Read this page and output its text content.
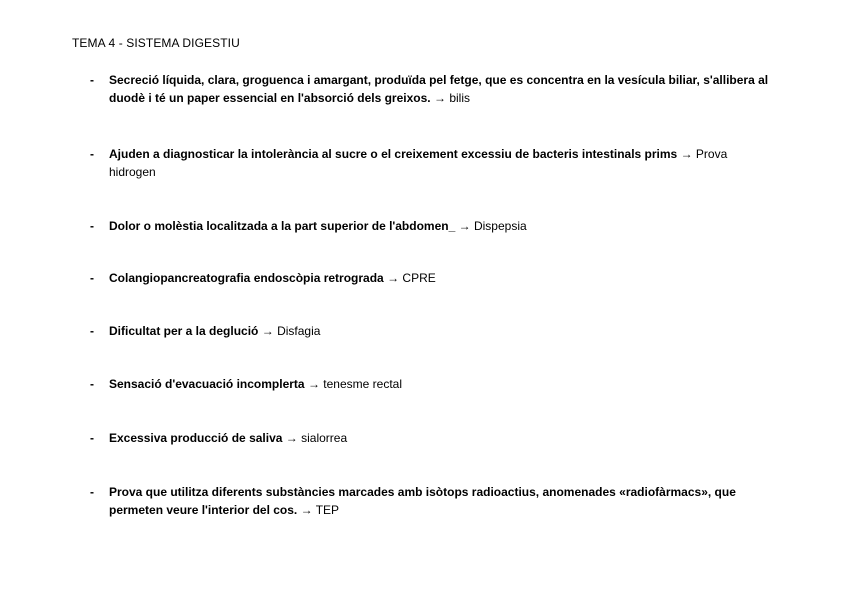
TEMA 4 - SISTEMA DIGESTIU
- Secreció líquida, clara, groguenca i amargant, produïda pel fetge, que es concentra en la vesícula biliar, s'allibera al duodè i té un paper essencial en l'absorció dels greixos. → bilis
- Ajuden a diagnosticar la intolerància al sucre o el creixement excessiu de bacteris intestinals prims → Prova hidrogen
- Dolor o molèstia localitzada a la part superior de l'abdomen_ → Dispepsia
- Colangiopancreatografia endoscòpia retrograda → CPRE
- Dificultat per a la deglució → Disfagia
- Sensació d'evacuació incomplerta → tenesme rectal
- Excessiva producció de saliva → sialorrea
- Prova que utilitza diferents substàncies marcades amb isòtops radioactius, anomenades «radiofàrmacs», que permeten veure l'interior del cos. → TEP
